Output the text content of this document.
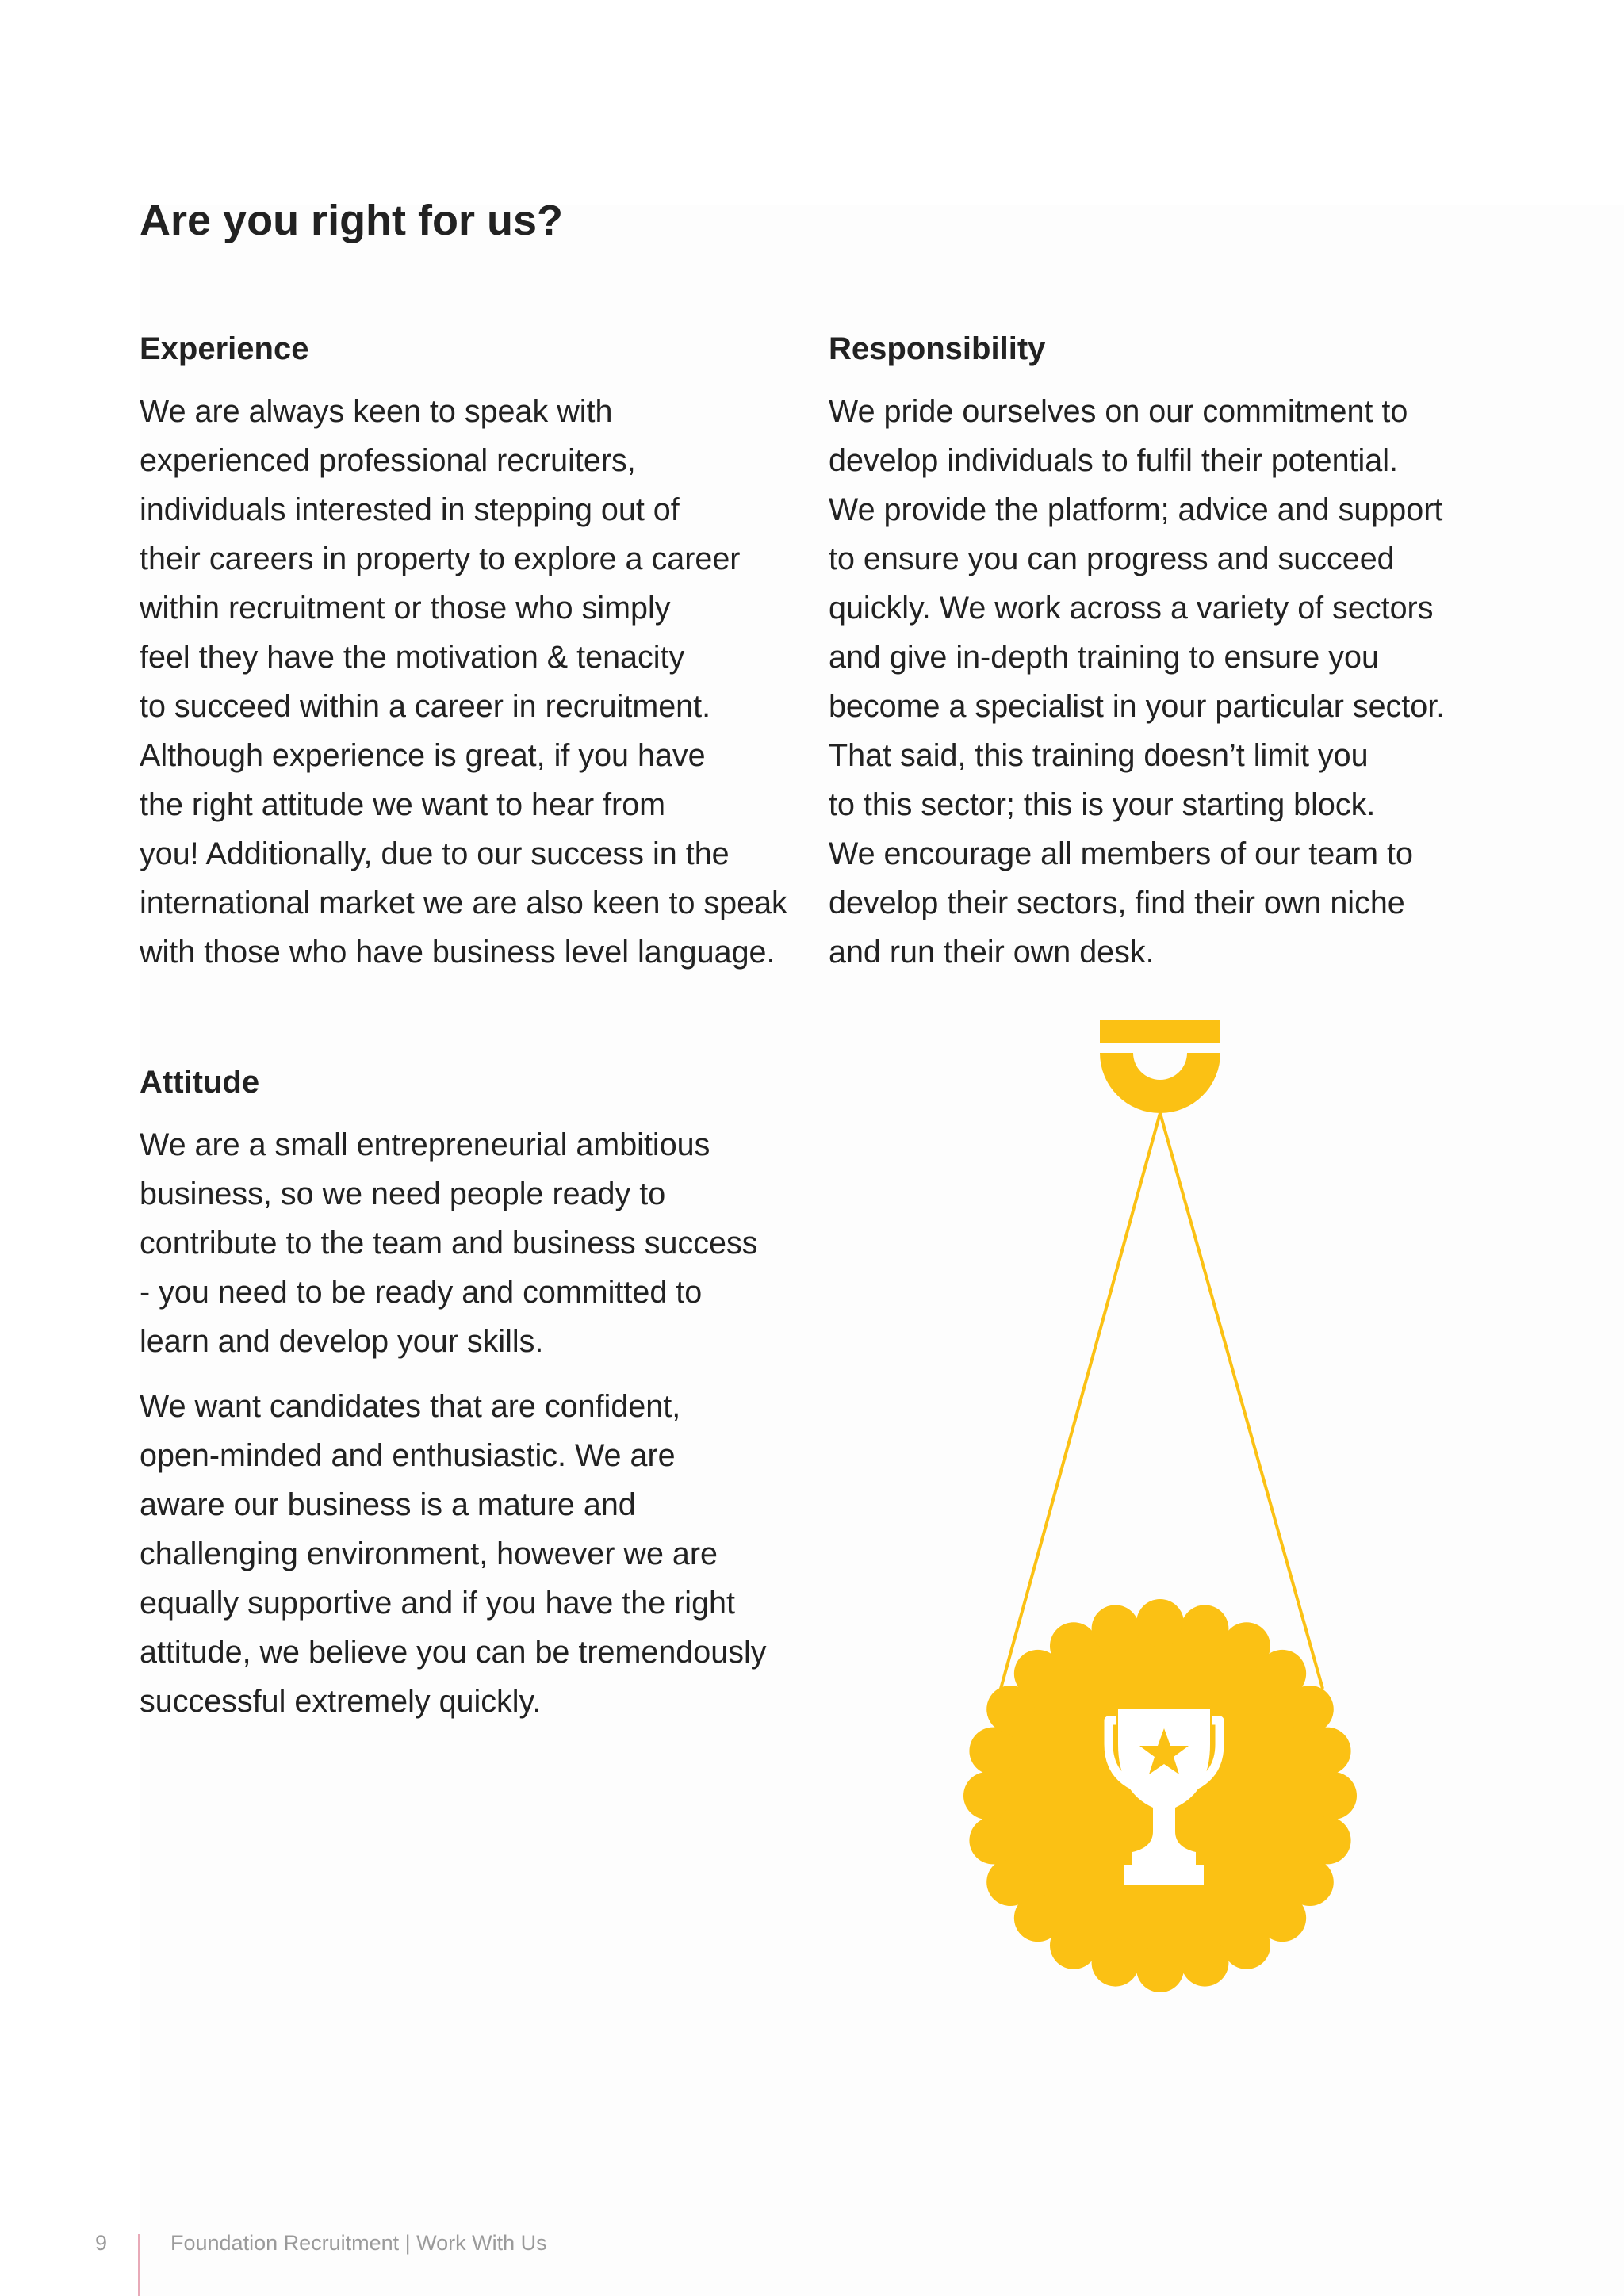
Are you right for us?
Experience

We are always keen to speak with
experienced professional recruiters,
individuals interested in stepping out of
their careers in property to explore a career
within recruitment or those who simply
feel they have the motivation & tenacity
to succeed within a career in recruitment.
Although experience is great, if you have
the right attitude we want to hear from
you! Additionally, due to our success in the
international market we are also keen to speak
with those who have business level language.

Responsibility

We pride ourselves on our commitment to
develop individuals to fulfil their potential.
We provide the platform; advice and support
to ensure you can progress and succeed
quickly. We work across a variety of sectors
and give in-depth training to ensure you
become a specialist in your particular sector.
That said, this training doesn’t limit you
to this sector; this is your starting block.
We encourage all members of our team to
develop their sectors, find their own niche
and run their own desk.

Attitude

We are a small entrepreneurial ambitious
business, so we need people ready to
contribute to the team and business success
- you need to be ready and committed to
learn and develop your skills.

We want candidates that are confident,
open-minded and enthusiastic. We are
aware our business is a mature and
challenging environment, however we are
equally supportive and if you have the right
attitude, we believe you can be tremendously
successful extremely quickly.

9	Foundation Recruitment | Work With Us
